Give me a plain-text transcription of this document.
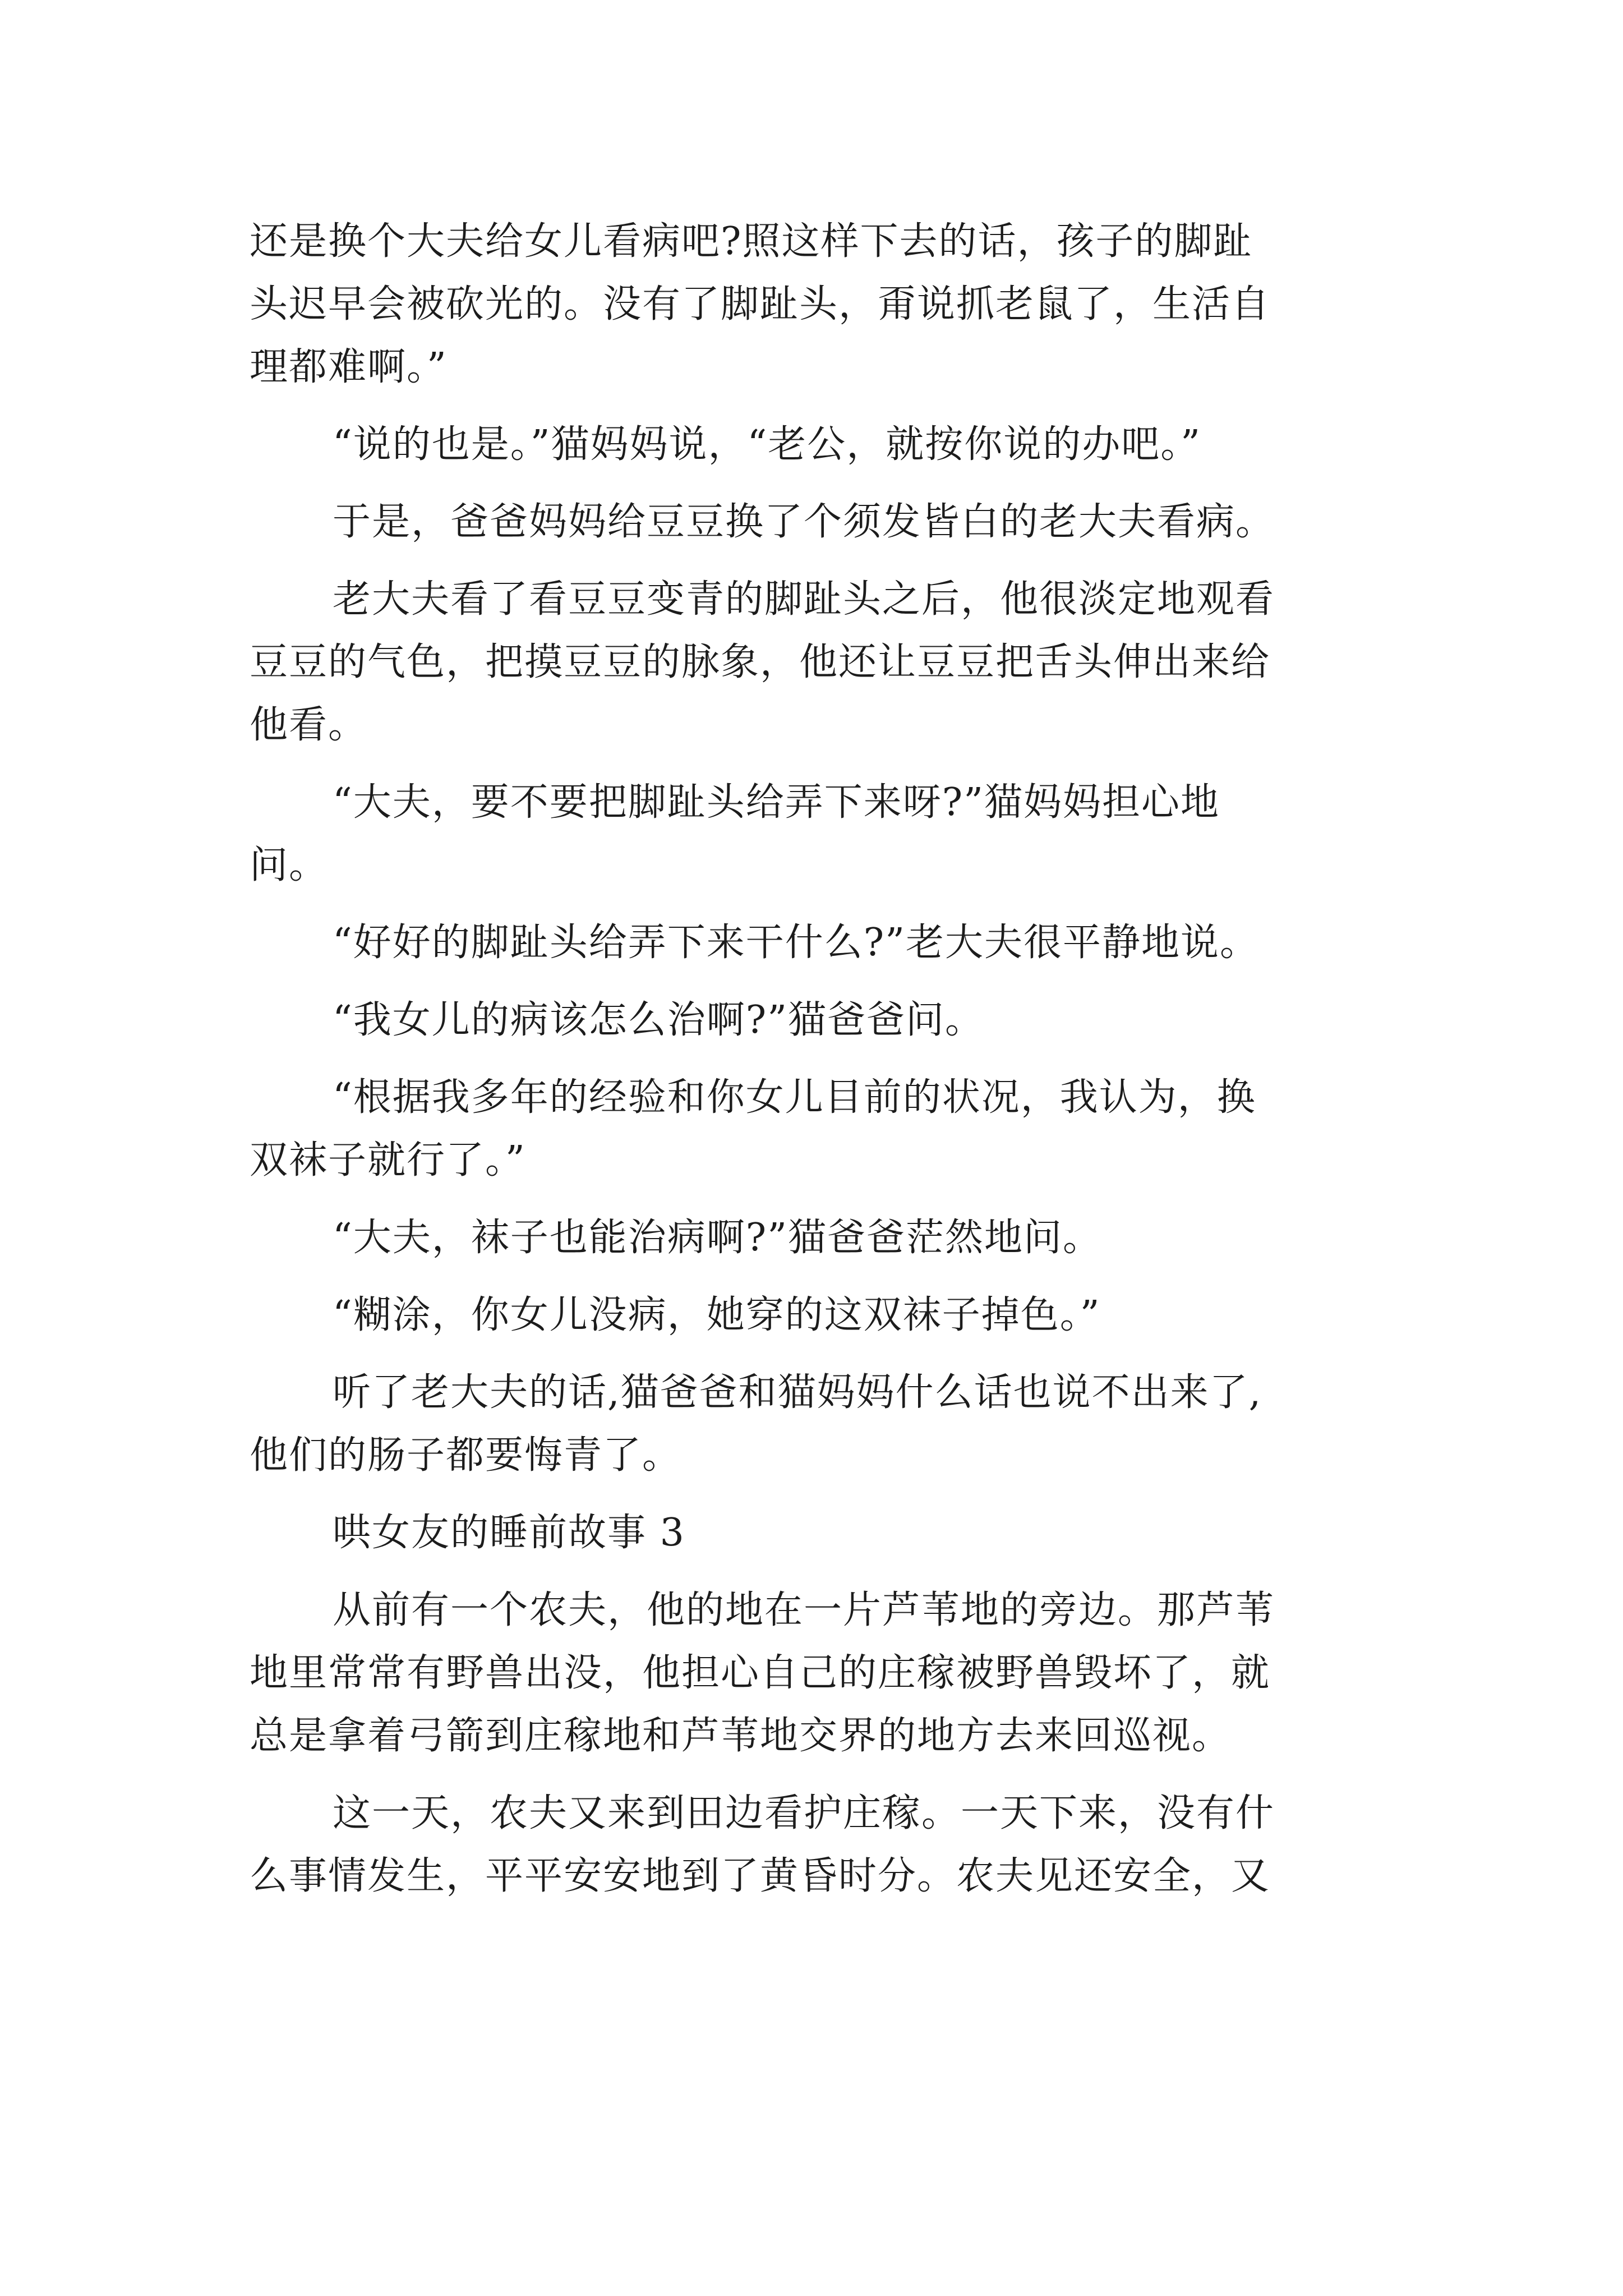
还是换个大夫给女儿看病吧?照这样下去的话，孩子的脚趾
头迟早会被砍光的。没有了脚趾头，甭说抓老鼠了，生活自
理都难啊。”
“说的也是。”猫妈妈说，“老公，就按你说的办吧。”
于是，爸爸妈妈给豆豆换了个须发皆白的老大夫看病。
老大夫看了看豆豆变青的脚趾头之后，他很淡定地观看
豆豆的气色，把摸豆豆的脉象，他还让豆豆把舌头伸出来给
他看。
“大夫，要不要把脚趾头给弄下来呀?”猫妈妈担心地
问。
“好好的脚趾头给弄下来干什么?”老大夫很平静地说。
“我女儿的病该怎么治啊?”猫爸爸问。
“根据我多年的经验和你女儿目前的状况，我认为，换
双袜子就行了。”
“大夫，袜子也能治病啊?”猫爸爸茫然地问。
“糊涂，你女儿没病，她穿的这双袜子掉色。”
听了老大夫的话,猫爸爸和猫妈妈什么话也说不出来了,
他们的肠子都要悔青了。
哄女友的睡前故事 3
从前有一个农夫，他的地在一片芦苇地的旁边。那芦苇
地里常常有野兽出没，他担心自己的庄稼被野兽毁坏了，就
总是拿着弓箭到庄稼地和芦苇地交界的地方去来回巡视。
这一天，农夫又来到田边看护庄稼。一天下来，没有什
么事情发生，平平安安地到了黄昏时分。农夫见还安全，又
